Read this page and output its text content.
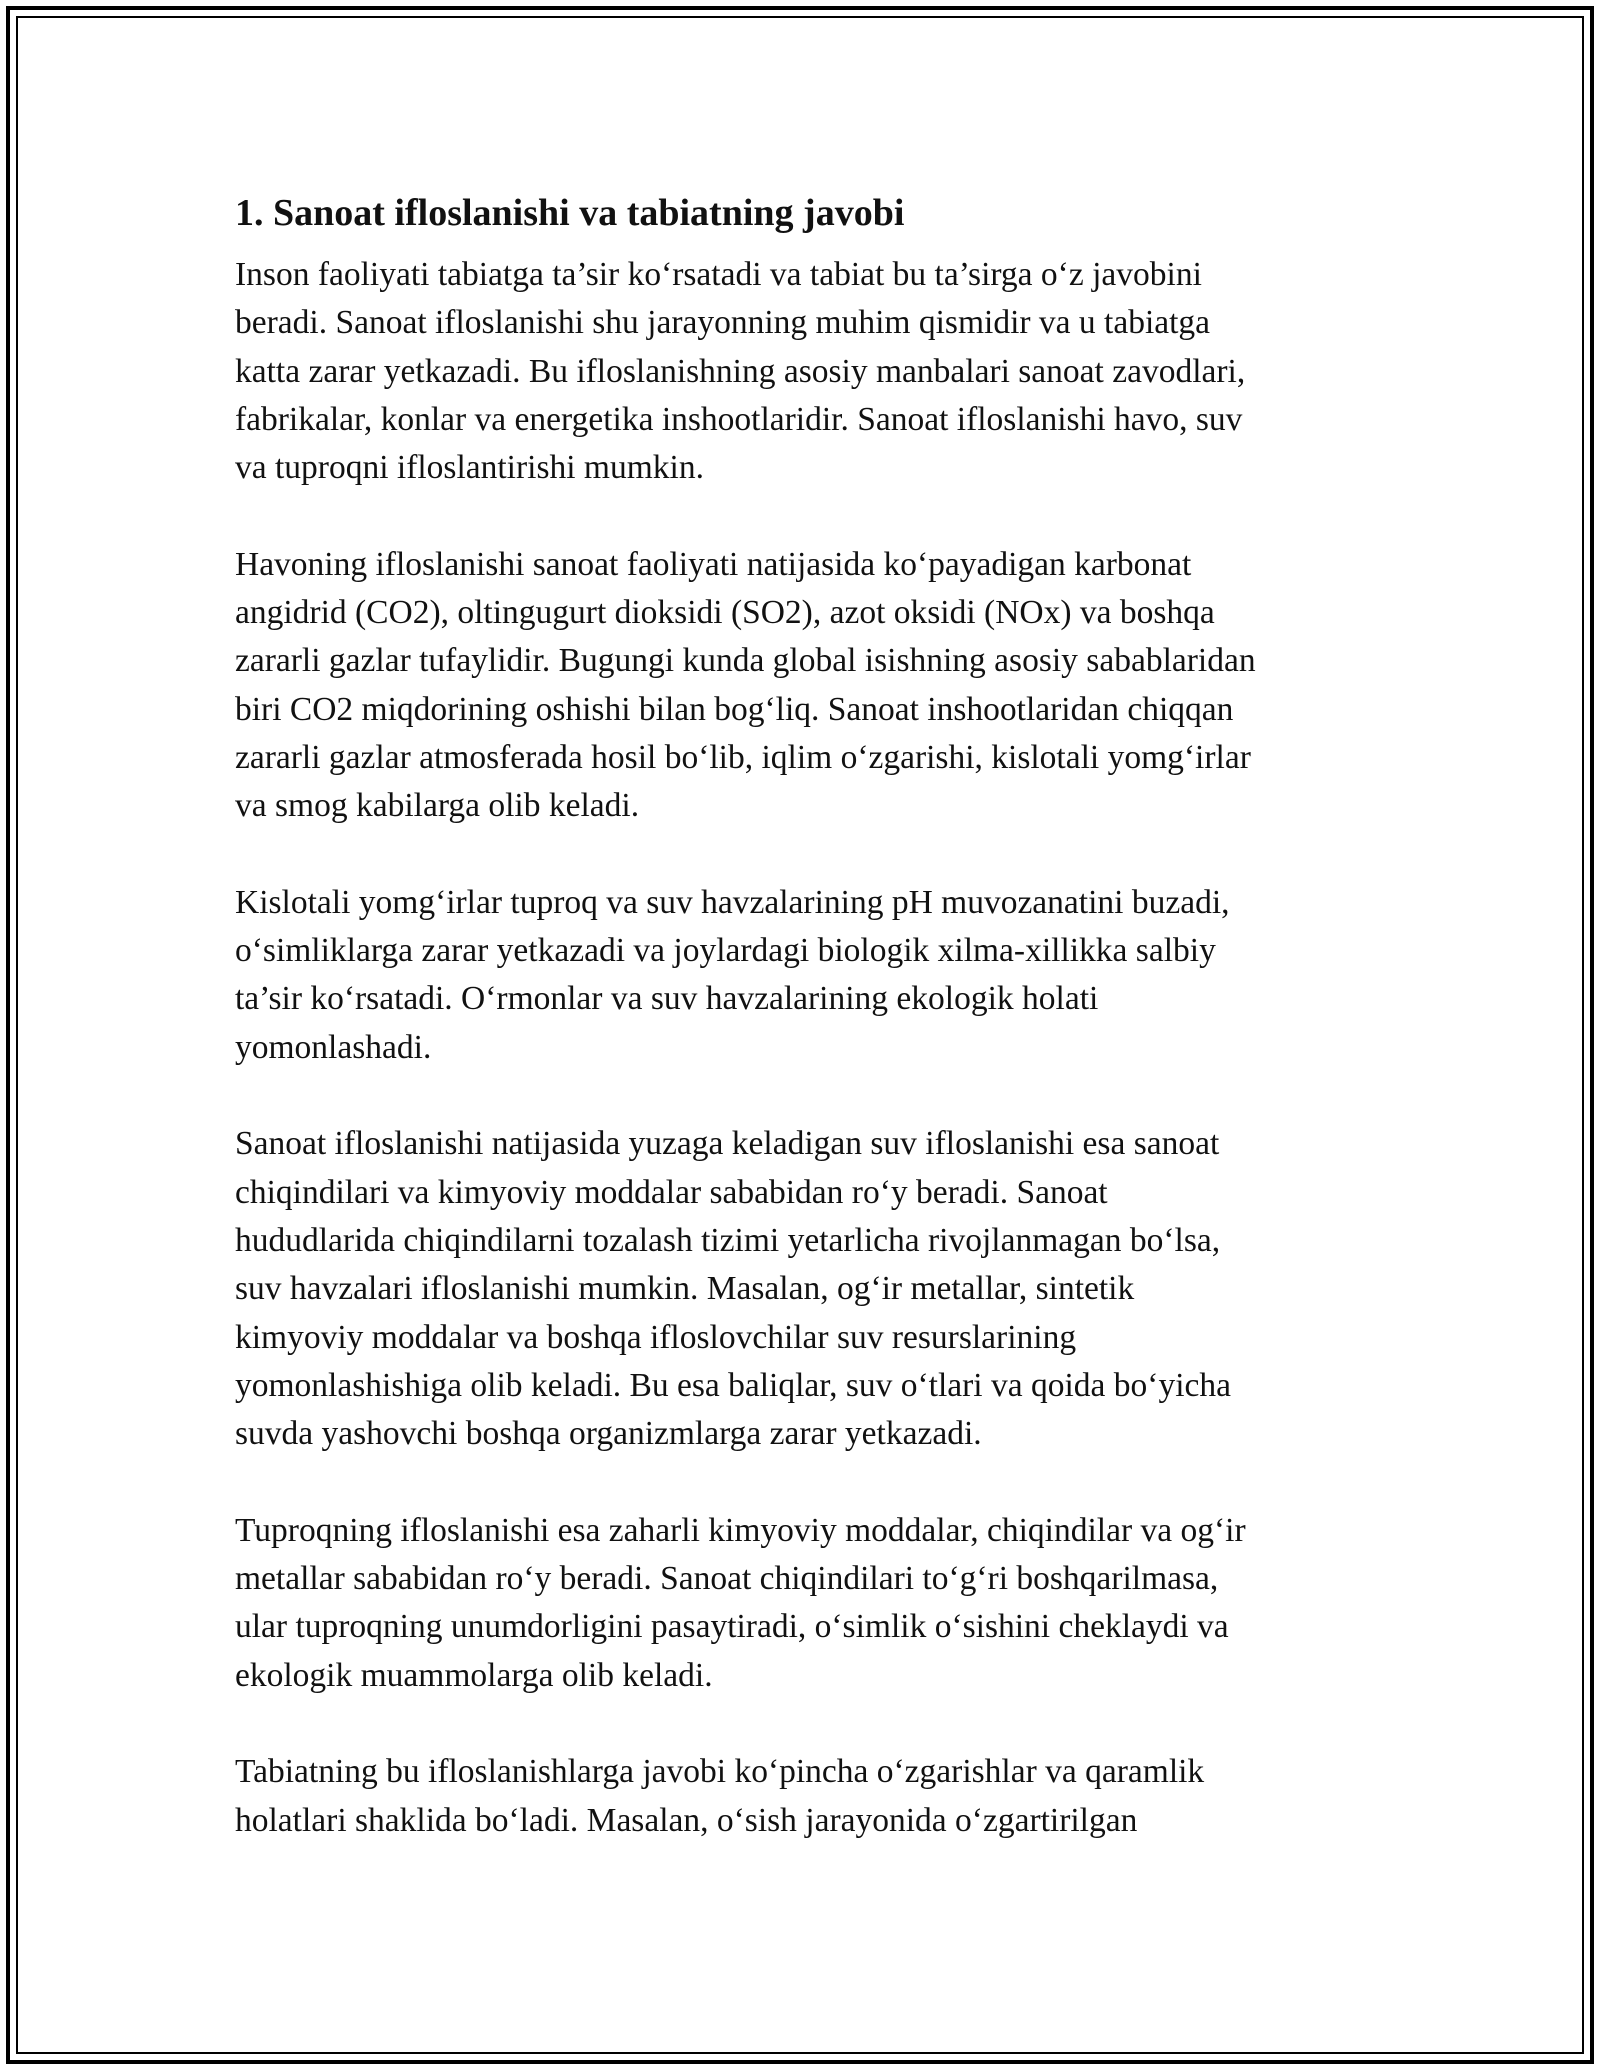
1. Sanoat ifloslanishi va tabiatning javobi
Inson faoliyati tabiatga ta’sir ko‘rsatadi va tabiat bu ta’sirga o‘z javobini
beradi. Sanoat ifloslanishi shu jarayonning muhim qismidir va u tabiatga
katta zarar yetkazadi. Bu ifloslanishning asosiy manbalari sanoat zavodlari,
fabrikalar, konlar va energetika inshootlaridir. Sanoat ifloslanishi havo, suv
va tuproqni ifloslantirishi mumkin.
Havoning ifloslanishi sanoat faoliyati natijasida ko‘payadigan karbonat
angidrid (CO2), oltingugurt dioksidi (SO2), azot oksidi (NOx) va boshqa
zararli gazlar tufaylidir. Bugungi kunda global isishning asosiy sabablaridan
biri CO2 miqdorining oshishi bilan bog‘liq. Sanoat inshootlaridan chiqqan
zararli gazlar atmosferada hosil bo‘lib, iqlim o‘zgarishi, kislotali yomg‘irlar
va smog kabilarga olib keladi.
Kislotali yomg‘irlar tuproq va suv havzalarining pH muvozanatini buzadi,
o‘simliklarga zarar yetkazadi va joylardagi biologik xilma-xillikka salbiy
ta’sir ko‘rsatadi. O‘rmonlar va suv havzalarining ekologik holati
yomonlashadi.
Sanoat ifloslanishi natijasida yuzaga keladigan suv ifloslanishi esa sanoat
chiqindilari va kimyoviy moddalar sababidan ro‘y beradi. Sanoat
hududlarida chiqindilarni tozalash tizimi yetarlicha rivojlanmagan bo‘lsa,
suv havzalari ifloslanishi mumkin. Masalan, og‘ir metallar, sintetik
kimyoviy moddalar va boshqa ifloslovchilar suv resurslarining
yomonlashishiga olib keladi. Bu esa baliqlar, suv o‘tlari va qoida bo‘yicha
suvda yashovchi boshqa organizmlarga zarar yetkazadi.
Tuproqning ifloslanishi esa zaharli kimyoviy moddalar, chiqindilar va og‘ir
metallar sababidan ro‘y beradi. Sanoat chiqindilari to‘g‘ri boshqarilmasa,
ular tuproqning unumdorligini pasaytiradi, o‘simlik o‘sishini cheklaydi va
ekologik muammolarga olib keladi.
Tabiatning bu ifloslanishlarga javobi ko‘pincha o‘zgarishlar va qaramlik
holatlari shaklida bo‘ladi. Masalan, o‘sish jarayonida o‘zgartirilgan
